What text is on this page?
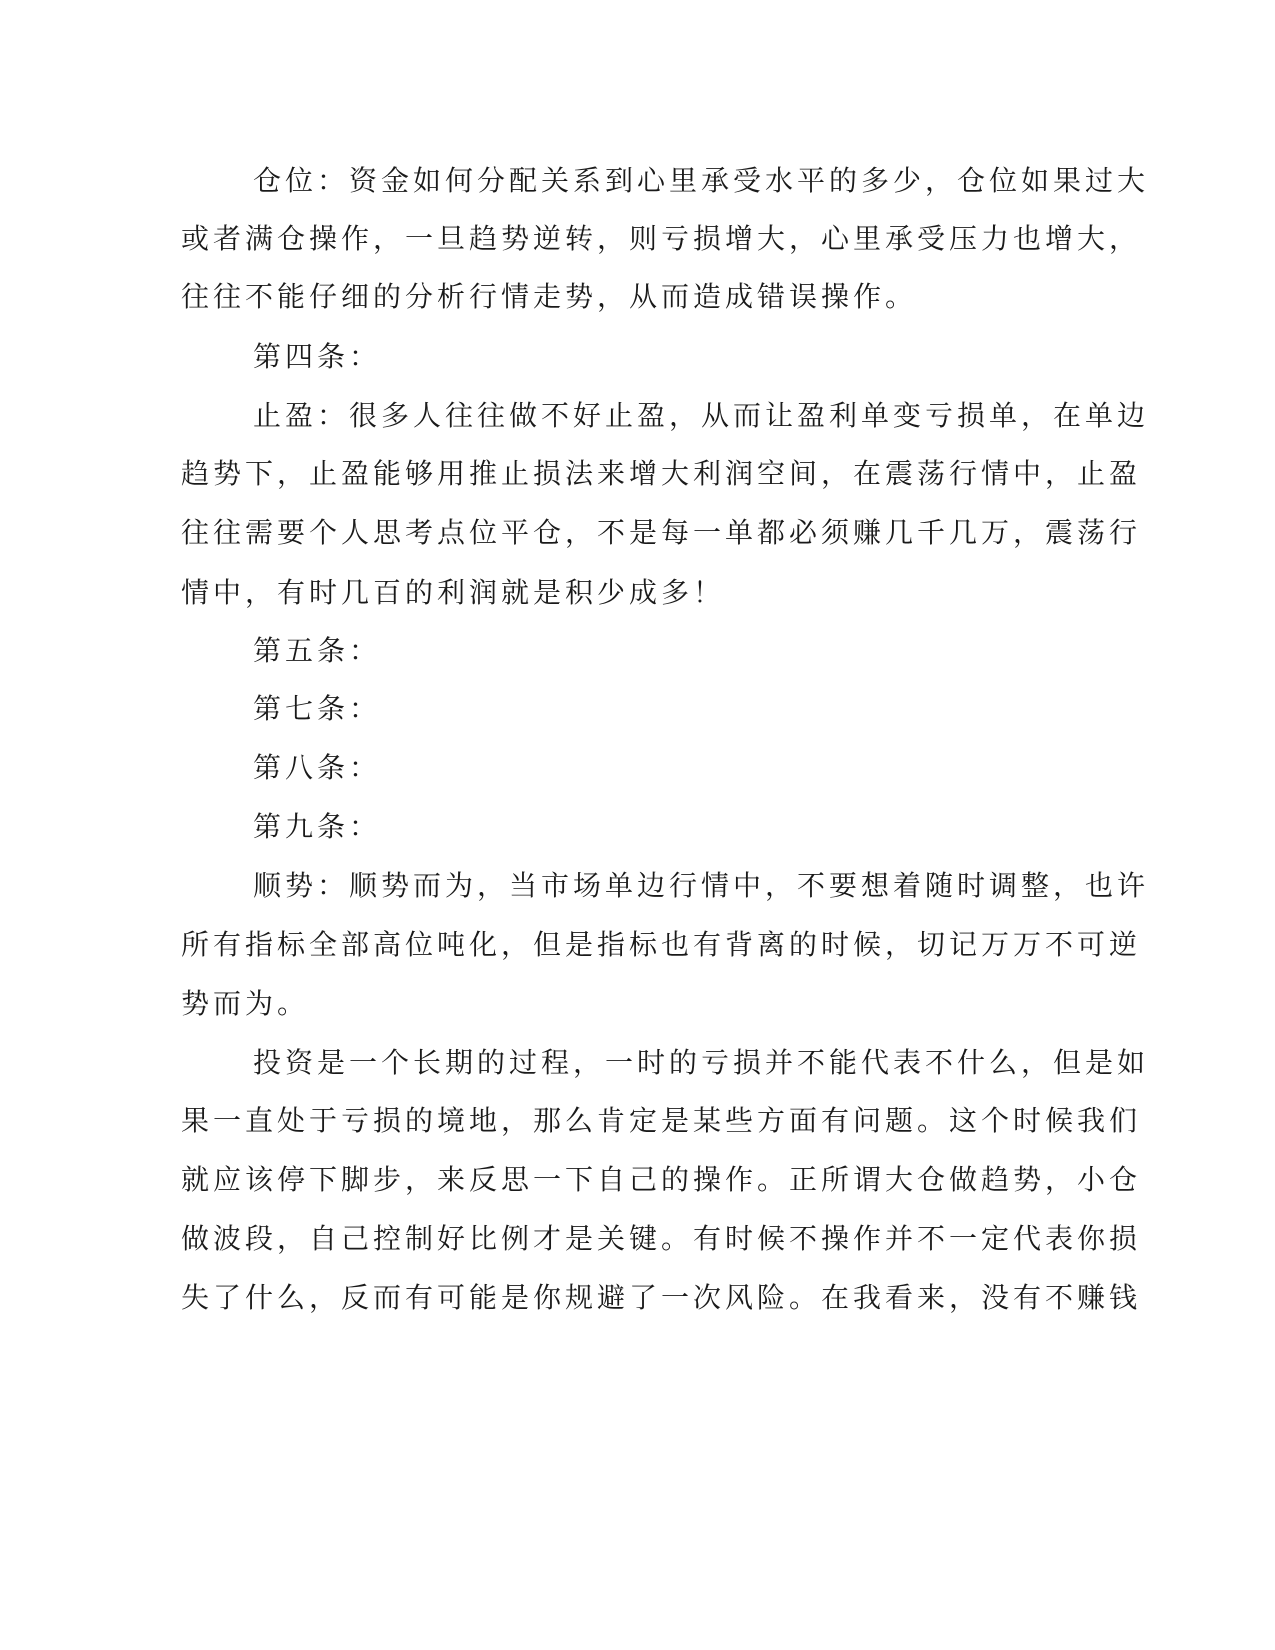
仓位：资金如何分配关系到心里承受水平的多少，仓位如果过大
或者满仓操作，一旦趋势逆转，则亏损增大，心里承受压力也增大，
往往不能仔细的分析行情走势，从而造成错误操作。
第四条：
止盈：很多人往往做不好止盈，从而让盈利单变亏损单，在单边
趋势下，止盈能够用推止损法来增大利润空间，在震荡行情中，止盈
往往需要个人思考点位平仓，不是每一单都必须赚几千几万，震荡行
情中，有时几百的利润就是积少成多！
第五条：
第七条：
第八条：
第九条：
顺势：顺势而为，当市场单边行情中，不要想着随时调整，也许
所有指标全部高位吨化，但是指标也有背离的时候，切记万万不可逆
势而为。
投资是一个长期的过程，一时的亏损并不能代表不什么，但是如
果一直处于亏损的境地，那么肯定是某些方面有问题。这个时候我们
就应该停下脚步，来反思一下自己的操作。正所谓大仓做趋势，小仓
做波段，自己控制好比例才是关键。有时候不操作并不一定代表你损
失了什么，反而有可能是你规避了一次风险。在我看来，没有不赚钱
